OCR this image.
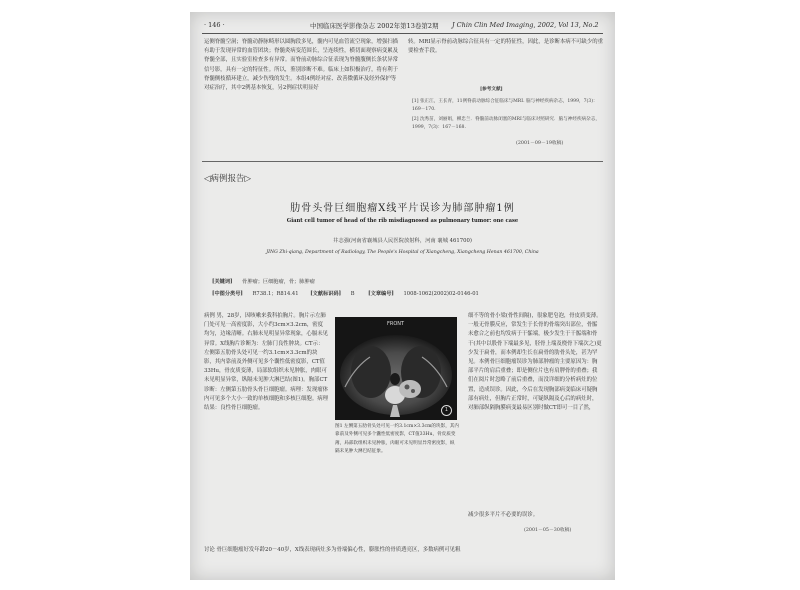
· 146 ·	中国临床医学影像杂志 2002年第13卷第2期 J Chin Clin Med Imaging, 2002, Vol 13, No.2
运侧脊髓空洞；脊髓动静脉畸形以圆胸段多见，髓内可见血管流空现象，增强扫描有助于发现异常的血管团块；脊髓炎病变范围长，呈连续性，横切面观察病变累及脊髓全部，且实验室检查多有异常。而脊前动脉综合征表现为脊髓腹侧长条状异常信号影，具有一定的特征性。所以，鉴别诊断不难。临床上如积极治疗，将有利于脊髓侧枝循环建立，减少伤残的发生。本组4例经对症、改善微循环及经外保护等对症治疗，其中2例基本恢复，另2例症状明显好
转。MRI显示脊前动脉综合征具有一定的特征性，因此，是诊断本病不可缺少的重要检查手段。
[参考文献]
[1] 张正江，王长青，11例脊前动脉综合征临床与MRI. 脑与神经疾病杂志，1999，7(3)：169－170.
[2] 沈秀苗，刘丽娟，柳忠兰．脊髓前动脉闭塞的MRI与临床对照研究．脑与神经疾病杂志，1999，7(3)：167－168.
(2001－09－19收稿)
◁病例报告▷
肋骨头骨巨细胞瘤X线平片误诊为肺部肿瘤1例
Giant cell tumor of head of the rib misdiagnosed as pulmonary tumor: one case
井志强(河南省襄城县人民医院放射科，河南 襄城 461700)
JING Zhi-qiang, Department of Radiology, The People's Hospital of Xiangcheng, Xiangcheng Henan 461700, China
[关键词] 骨肿瘤；巨细胞瘤，骨；肺肿瘤
[中图分类号] R738.1；R814.41 [文献标识码] B	[文章编号] 1008-1062(2002)02-0146-01
病例 男，28岁，因咳嗽来我科拍胸片。胸片示左肺门处可见一高密度影，大小约3cm×3.2cm，密度均匀，边缘清晰。右肺未见明显异常现象，心膈未见异常。X线胸片诊断为：左肺门良性肿块。CT示：左侧第五肋骨头处可见一约3.1cm×3.3cm的块影，其内靠前及外侧可见多个囊性低密度影，CT值33Hu，骨皮质变薄，局部软组织未见肿胀，肉眼可未见明显异常，纵隔未见肿大淋巴结(图1)。胸部CT诊断：左侧第五肋骨头骨巨细胞瘤。病理：发现瘤体内可见多个大小一致的单核细胞和多核巨细胞。病理结果：良性骨巨细胞瘤。
FRONT
1
图1 左侧第五肋骨头处可见一约3.1cm×3.3cm的块影，其内靠前及外侧可见多个囊性低密度影，CT值33Hu，骨皮质变薄，局部软组织未见肿胀，肉眼可未见明显异常密度影，纵隔未见肿大淋巴结征象。
细不等的骨小梁(骨性间隔)，很象肥皂泡，骨皮质变薄。一般无骨膜反应，常发生于长骨的骨端突出部位，骨骺未愈合之前也均发病于干骺端，极少发生于干骺端和骨干(其中以股骨下端最多见，胫骨上端及桡骨下端次之)更少发于扁骨，而本例却生长在扁骨的肋骨头处，甚为罕见。本例骨巨细胞瘤误诊为肺部肿瘤的主要原因为：胸部平片的肩后重叠；即是侧位片也有肩胛骨的重叠；我们在阅片时忽略了前后重叠，而没详细的分析病灶的位置，造成误诊。因此，今后在发现胸部病变临床可疑胸部有病灶，但胸片正常时，可疑纵隔及心后的病灶时，对肺部纵隔胸膜病变最易区别时做CT即可一目了然，
讨论 骨巨细胞瘤好发年龄20－40岁，X线表现病灶多为骨端偏心性，膨胀性的骨质透亮区，多数病例可见粗
减少很多平片不必要的误诊。
(2001－05－30收稿)
